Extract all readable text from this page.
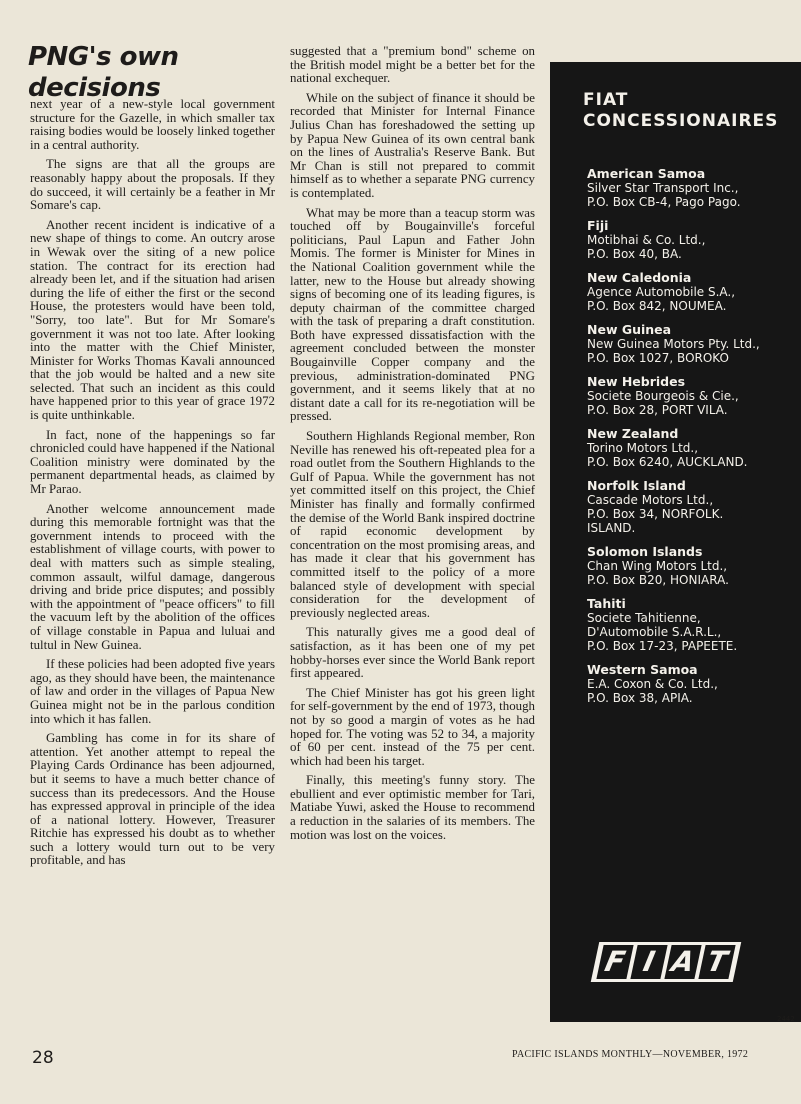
PNG's own decisions

next year of a new-style local government structure for the Gazelle, in which smaller tax raising bodies would be loosely linked together in a central authority.

The signs are that all the groups are reasonably happy about the proposals. If they do succeed, it will certainly be a feather in Mr Somare's cap.

Another recent incident is indicative of a new shape of things to come. An outcry arose in Wewak over the siting of a new police station. The contract for its erection had already been let, and if the situation had arisen during the life of either the first or the second House, the protesters would have been told, "Sorry, too late". But for Mr Somare's government it was not too late. After looking into the matter with the Chief Minister, Minister for Works Thomas Kavali announced that the job would be halted and a new site selected. That such an incident as this could have happened prior to this year of grace 1972 is quite unthinkable.

In fact, none of the happenings so far chronicled could have happened if the National Coalition ministry were dominated by the permanent departmental heads, as claimed by Mr Parao.

Another welcome announcement made during this memorable fortnight was that the government intends to proceed with the establishment of village courts, with power to deal with matters such as simple stealing, common assault, wilful damage, dangerous driving and bride price disputes; and possibly with the appointment of "peace officers" to fill the vacuum left by the abolition of the offices of village constable in Papua and luluai and tultul in New Guinea.

If these policies had been adopted five years ago, as they should have been, the maintenance of law and order in the villages of Papua New Guinea might not be in the parlous condition into which it has fallen.

Gambling has come in for its share of attention. Yet another attempt to repeal the Playing Cards Ordinance has been adjourned, but it seems to have a much better chance of success than its predecessors. And the House has expressed approval in principle of the idea of a national lottery. However, Treasurer Ritchie has expressed his doubt as to whether such a lottery would turn out to be very profitable, and has

suggested that a "premium bond" scheme on the British model might be a better bet for the national exchequer.

While on the subject of finance it should be recorded that Minister for Internal Finance Julius Chan has foreshadowed the setting up by Papua New Guinea of its own central bank on the lines of Australia's Reserve Bank. But Mr Chan is still not prepared to commit himself as to whether a separate PNG currency is contemplated.

What may be more than a teacup storm was touched off by Bougainville's forceful politicians, Paul Lapun and Father John Momis. The former is Minister for Mines in the National Coalition government while the latter, new to the House but already showing signs of becoming one of its leading figures, is deputy chairman of the committee charged with the task of preparing a draft constitution. Both have expressed dissatisfaction with the agreement concluded between the monster Bougainville Copper company and the previous, administration-dominated PNG government, and it seems likely that at no distant date a call for its re-negotiation will be pressed.

Southern Highlands Regional member, Ron Neville has renewed his oft-repeated plea for a road outlet from the Southern Highlands to the Gulf of Papua. While the government has not yet committed itself on this project, the Chief Minister has finally and formally confirmed the demise of the World Bank inspired doctrine of rapid economic development by concentration on the most promising areas, and has made it clear that his government has committed itself to the policy of a more balanced style of development with special consideration for the development of previously neglected areas.

This naturally gives me a good deal of satisfaction, as it has been one of my pet hobby-horses ever since the World Bank report first appeared.

The Chief Minister has got his green light for self-government by the end of 1973, though not by so good a margin of votes as he had hoped for. The voting was 52 to 34, a majority of 60 per cent. instead of the 75 per cent. which had been his target.

Finally, this meeting's funny story. The ebullient and ever optimistic member for Tari, Matiabe Yuwi, asked the House to recommend a reduction in the salaries of its members. The motion was lost on the voices.

FIAT
CONCESSIONAIRES
American Samoa
Silver Star Transport Inc.,
P.O. Box CB-4, Pago Pago.
Fiji
Motibhai & Co. Ltd.,
P.O. Box 40, BA.
New Caledonia
Agence Automobile S.A.,
P.O. Box 842, NOUMEA.
New Guinea
New Guinea Motors Pty. Ltd.,
P.O. Box 1027, BOROKO
New Hebrides
Societe Bourgeois & Cie.,
P.O. Box 28, PORT VILA.
New Zealand
Torino Motors Ltd.,
P.O. Box 6240, AUCKLAND.
Norfolk Island
Cascade Motors Ltd.,
P.O. Box 34, NORFOLK.
ISLAND.
Solomon Islands
Chan Wing Motors Ltd.,
P.O. Box B20, HONIARA.
Tahiti
Societe Tahitienne,
D'Automobile S.A.R.L.,
P.O. Box 17-23, PAPEETE.
Western Samoa
E.A. Coxon & Co. Ltd.,
P.O. Box 38, APIA.
F I A T
2442
28	PACIFIC ISLANDS MONTHLY—NOVEMBER, 1972
